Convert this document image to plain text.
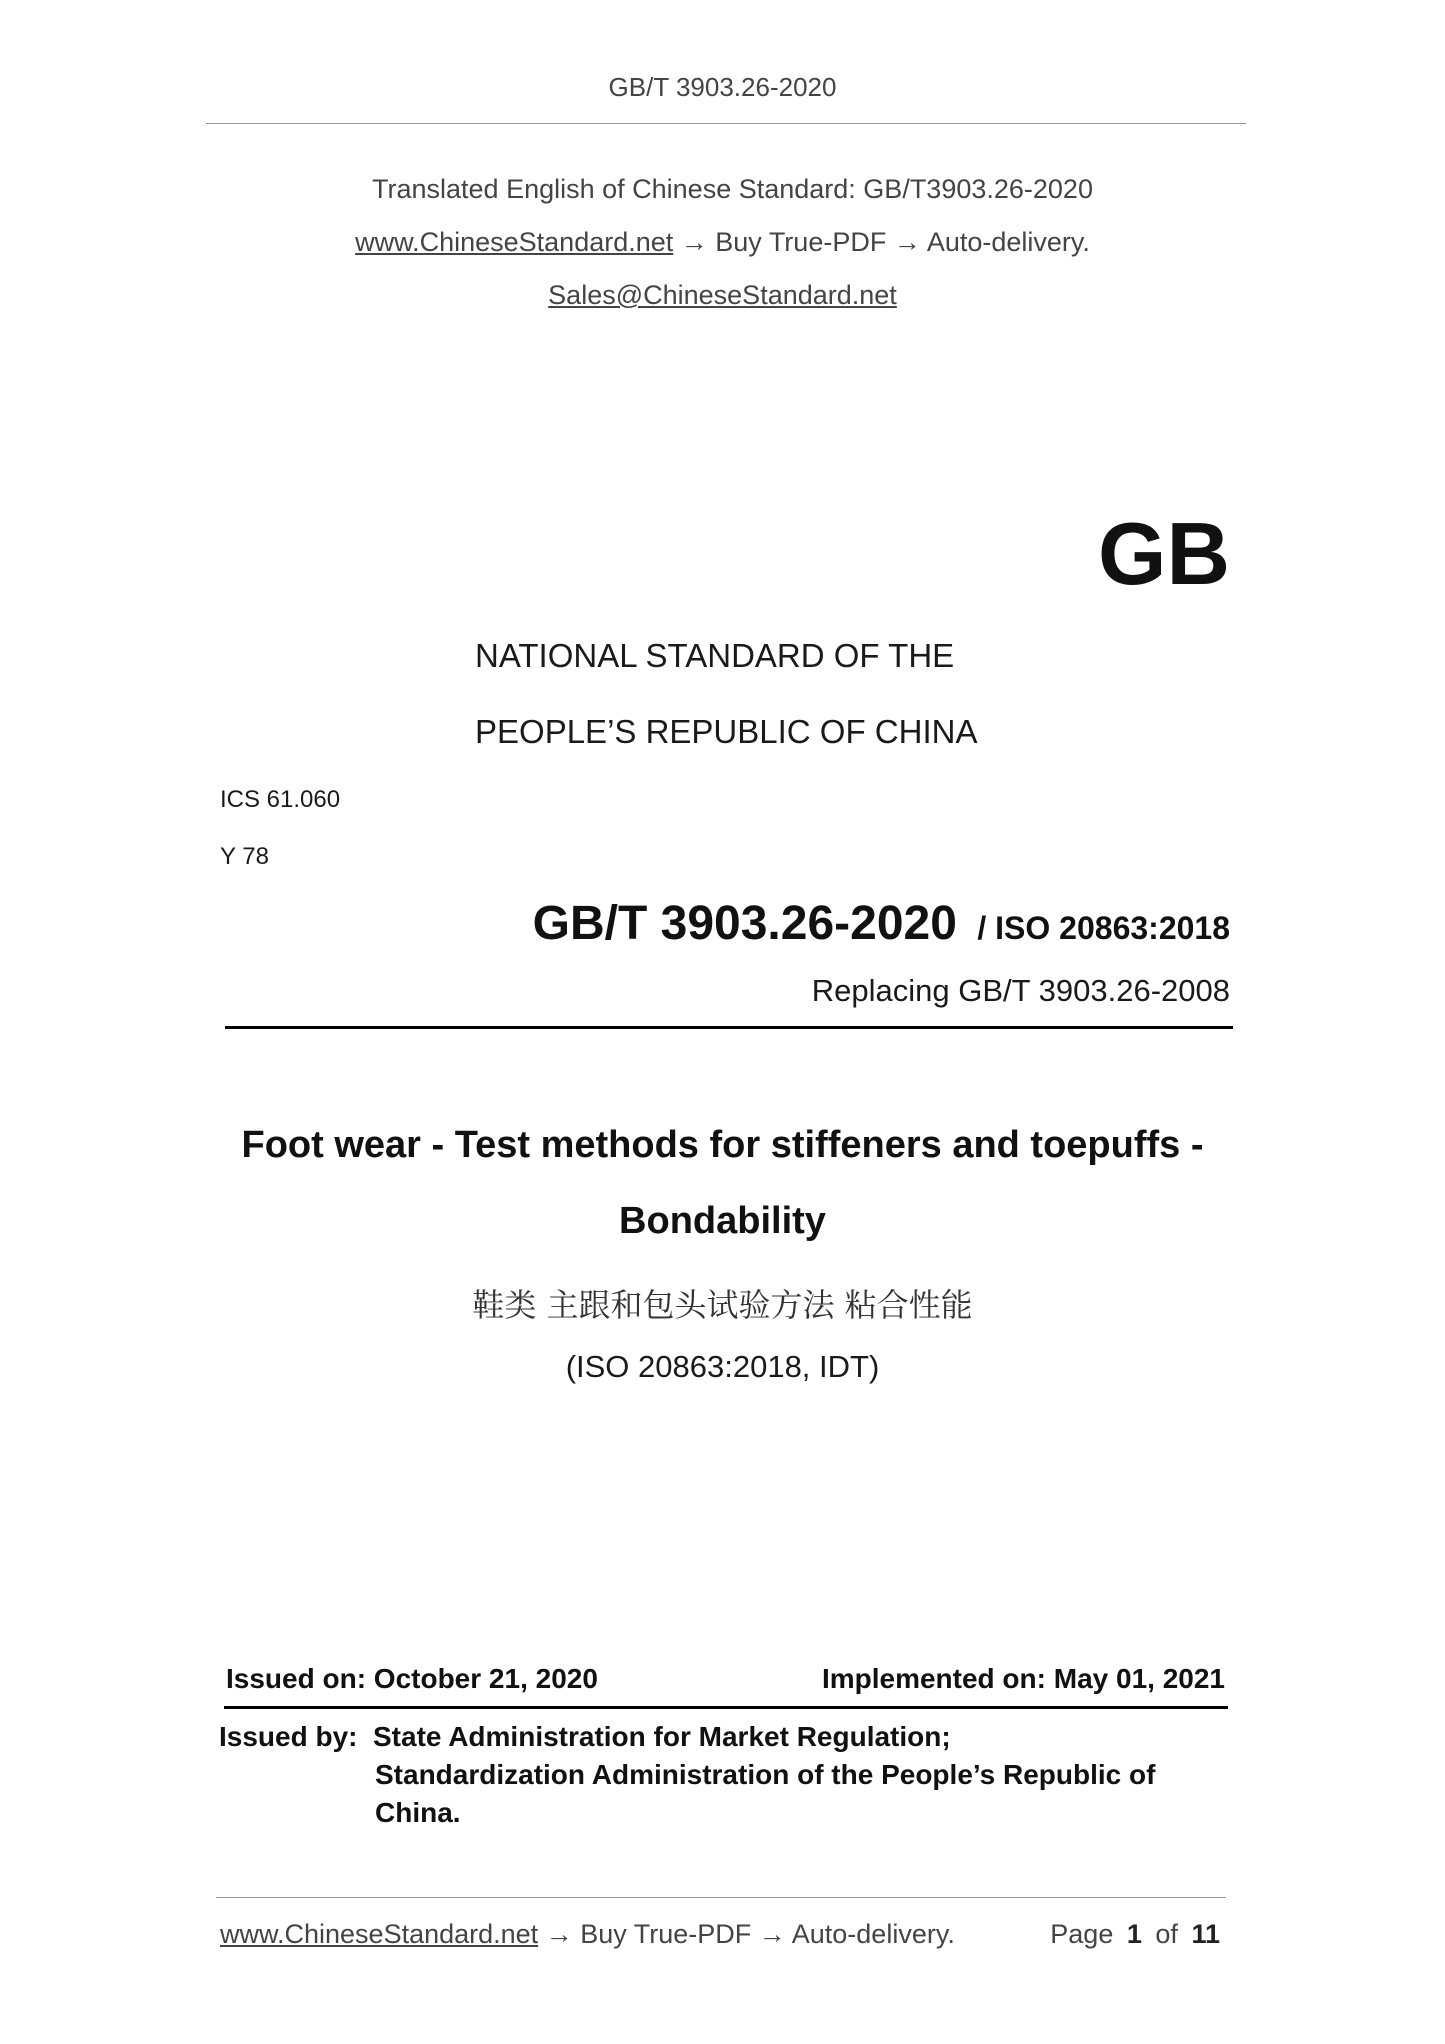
GB/T 3903.26-2020
Translated English of Chinese Standard: GB/T3903.26-2020
www.ChineseStandard.net → Buy True-PDF → Auto-delivery.
Sales@ChineseStandard.net
GB
NATIONAL STANDARD OF THE
PEOPLE’S REPUBLIC OF CHINA
ICS 61.060
Y 78
GB/T 3903.26-2020 / ISO 20863:2018
Replacing GB/T 3903.26-2008
Foot wear - Test methods for stiffeners and toepuffs -
Bondability
鞋类 主跟和包头试验方法 粘合性能
(ISO 20863:2018, IDT)
Issued on: October 21, 2020	Implemented on: May 01, 2021
Issued by: State Administration for Market Regulation;
Standardization Administration of the People’s Republic of
China.
www.ChineseStandard.net → Buy True-PDF → Auto-delivery.	Page 1 of 11
